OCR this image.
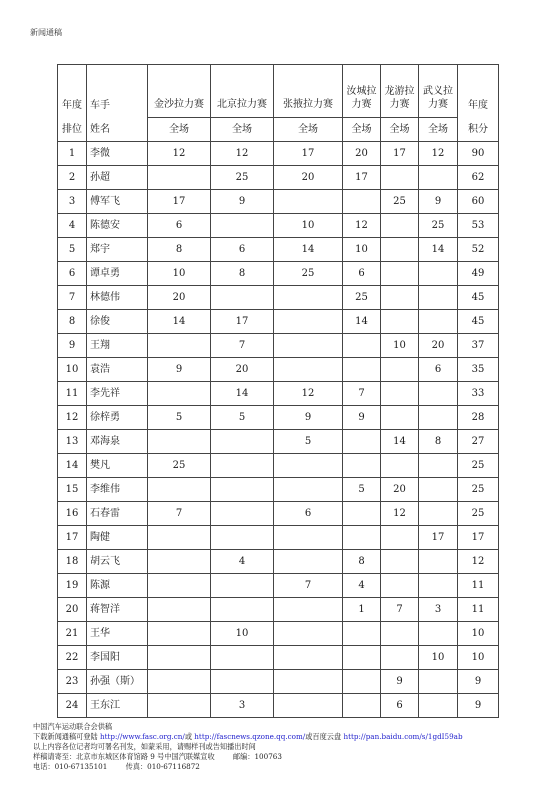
新闻通稿
年度	车手	金沙拉力赛	北京拉力赛	张掖拉力赛	汝城拉力赛	龙游拉力赛	武义拉力赛	年度
排位	姓名	全场	全场	全场	全场	全场	全场	积分
1	李微	12	12	17	20	17	12	90
2	孙超		25	20	17			62
3	傅军飞	17	9			25	9	60
4	陈德安	6		10	12		25	53
5	郑宇	8	6	14	10		14	52
6	谭卓勇	10	8	25	6			49
7	林德伟	20			25			45
8	徐俊	14	17		14			45
9	王翔		7			10	20	37
10	袁浩	9	20				6	35
11	李先祥		14	12	7			33
12	徐梓勇	5	5	9	9			28
13	邓海泉			5		14	8	27
14	樊凡	25						25
15	李维伟				5	20		25
16	石春雷	7		6		12		25
17	陶健						17	17
18	胡云飞		4		8			12
19	陈源			7	4			11
20	蒋智洋				1	7	3	11
21	王华		10					10
22	李国阳						10	10
23	孙强（斯）					9		9
24	王东江		3			6		9
中国汽车运动联合会供稿
下载新闻通稿可登陆 http://www.fasc.org.cn/或 http://fascnews.qzone.qq.com/或百度云盘 http://pan.baidu.com/s/1gdI59ab
以上内容各位记者均可署名刊发，如蒙采用，请赐样刊或告知播出时间
样稿请寄至：北京市东城区体育馆路 9 号中国汽联媒宣收        邮编：100763
电话：010-67135101        传真：010-67116872
